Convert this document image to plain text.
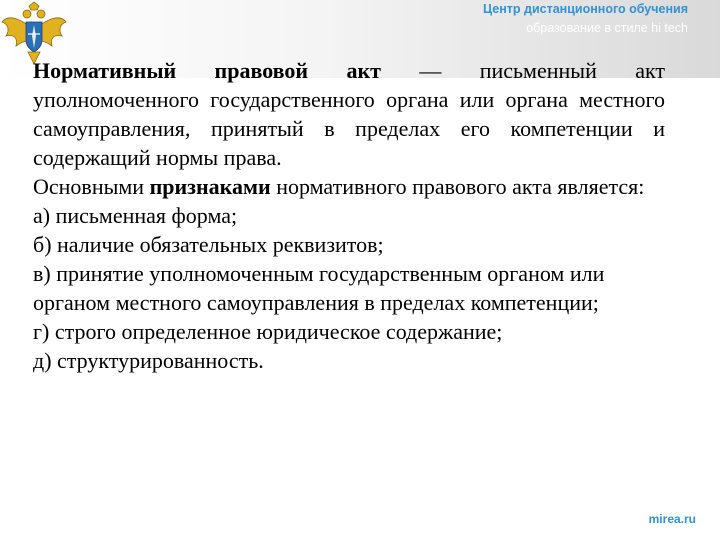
Центр дистанционного обучения
образование в стиле hi tech

Нормативный правовой акт — письменный акт уполномоченного государственного органа или органа местного самоуправления, принятый в пределах его компетенции и содержащий нормы права.

Основными признаками нормативного правового акта является:

а) письменная форма;

б) наличие обязательных реквизитов;

в) принятие уполномоченным государственным органом или органом местного самоуправления в пределах компетенции;

г) строго определенное юридическое содержание;

д) структурированность.

mirea.ru
